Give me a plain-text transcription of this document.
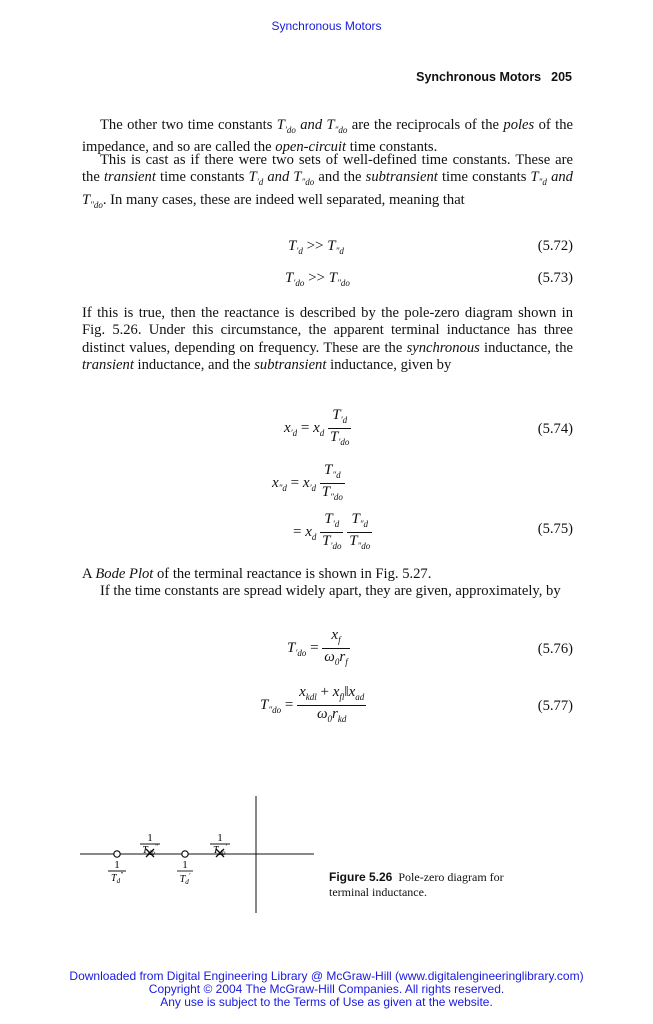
Synchronous Motors
Synchronous Motors 205
The other two time constants $T_{'do}$ and $T_{''do}$ are the reciprocals of the poles of the impedance, and so are called the open-circuit time constants.
This is cast as if there were two sets of well-defined time constants. These are the transient time constants $T_{'d}$ and $T_{''do}$ and the subtransient time constants $T_{''d}$ and $T_{''do}$. In many cases, these are indeed well separated, meaning that
$T_{'d} >> T_{''d}$	(5.72)
$T_{'do} >> T_{''do}$	(5.73)
If this is true, then the reactance is described by the pole-zero diagram shown in Fig. 5.26. Under this circumstance, the apparent terminal inductance has three distinct values, depending on frequency. These are the synchronous inductance, the transient inductance, and the subtransient inductance, given by
$x_{'d} = x_d \frac{T_{'d}}{T_{'do}}$	(5.74)
$x_{''d} = x_{'d} \frac{T_{''d}}{T_{''do}}$
= $x_d \frac{T_{'d}}{T_{'do}}$
$\frac{T_{''d}}{T_{''do}}$	(5.75)
A Bode Plot of the terminal reactance is shown in Fig. 5.27.
If the time constants are spread widely apart, they are given, approximately, by
$T_{'do} = \frac{x_f}{\omega_0r_f}$	(5.76)
$T_{''do} = \frac{x_{kdl} + x_{fl}‖x_{ad}}{\omega_0r_{kd}}$	(5.77)
1
$T_{do}''$
1
$T_{do}'$
1
$T_d''$
1
$T_d'$	Figure 5.26 Pole-zero diagram for terminal inductance.
Downloaded from Digital Engineering Library @ McGraw-Hill (www.digitalengineeringlibrary.com)
Copyright © 2004 The McGraw-Hill Companies. All rights reserved.
Any use is subject to the Terms of Use as given at the website.
